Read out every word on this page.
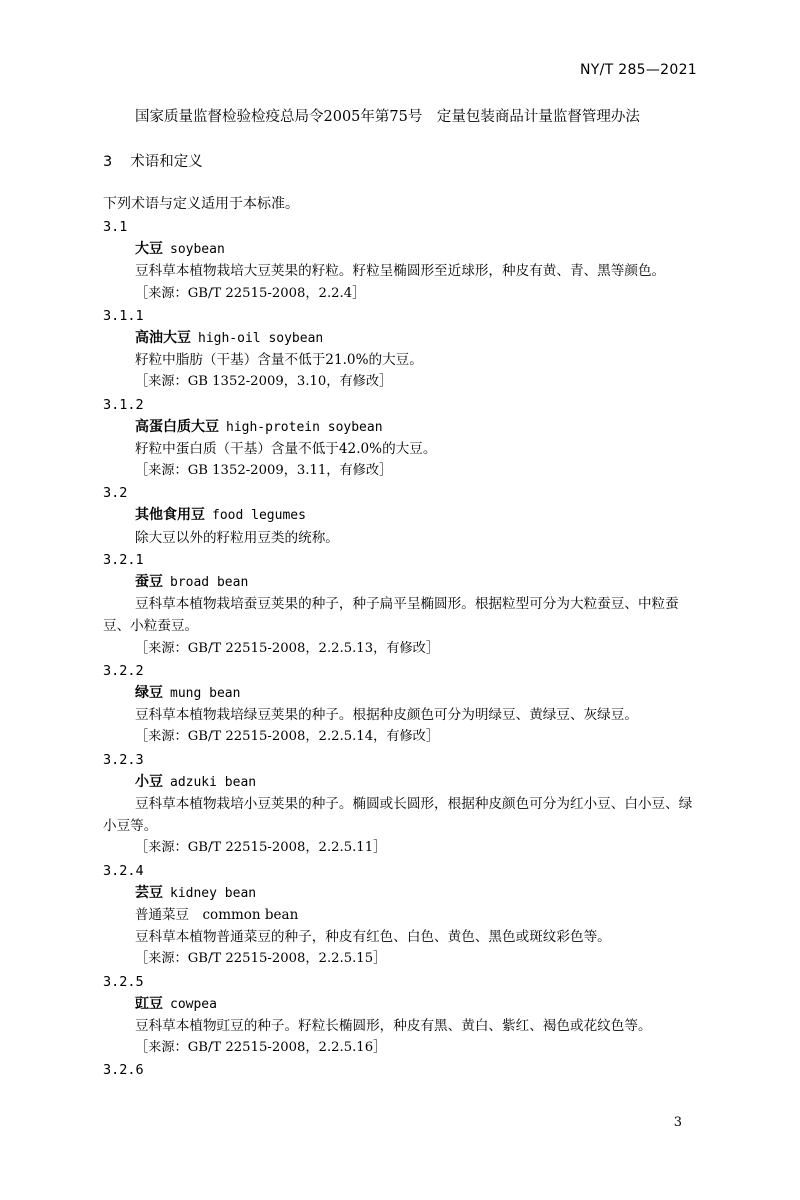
NY/T 285—2021
国家质量监督检验检疫总局令2005年第75号　定量包装商品计量监督管理办法
3 术语和定义
下列术语与定义适用于本标准。
3.1
大豆 soybean
豆科草本植物栽培大豆荚果的籽粒。籽粒呈椭圆形至近球形，种皮有黄、青、黑等颜色。
［来源：GB/T 22515-2008，2.2.4］
3.1.1
高油大豆 high-oil soybean
籽粒中脂肪（干基）含量不低于21.0%的大豆。
［来源：GB 1352-2009，3.10，有修改］
3.1.2
高蛋白质大豆 high-protein soybean
籽粒中蛋白质（干基）含量不低于42.0%的大豆。
［来源：GB 1352-2009，3.11，有修改］
3.2
其他食用豆 food legumes
除大豆以外的籽粒用豆类的统称。
3.2.1
蚕豆 broad bean
豆科草本植物栽培蚕豆荚果的种子，种子扁平呈椭圆形。根据粒型可分为大粒蚕豆、中粒蚕豆、小粒蚕豆。
［来源：GB/T 22515-2008，2.2.5.13，有修改］
3.2.2
绿豆 mung bean
豆科草本植物栽培绿豆荚果的种子。根据种皮颜色可分为明绿豆、黄绿豆、灰绿豆。
［来源：GB/T 22515-2008，2.2.5.14，有修改］
3.2.3
小豆 adzuki bean
豆科草本植物栽培小豆荚果的种子。椭圆或长圆形，根据种皮颜色可分为红小豆、白小豆、绿小豆等。
［来源：GB/T 22515-2008，2.2.5.11］
3.2.4
芸豆 kidney bean
普通菜豆　common bean
豆科草本植物普通菜豆的种子，种皮有红色、白色、黄色、黑色或斑纹彩色等。
［来源：GB/T 22515-2008，2.2.5.15］
3.2.5
豇豆 cowpea
豆科草本植物豇豆的种子。籽粒长椭圆形，种皮有黑、黄白、紫红、褐色或花纹色等。
［来源：GB/T 22515-2008，2.2.5.16］
3.2.6
3
